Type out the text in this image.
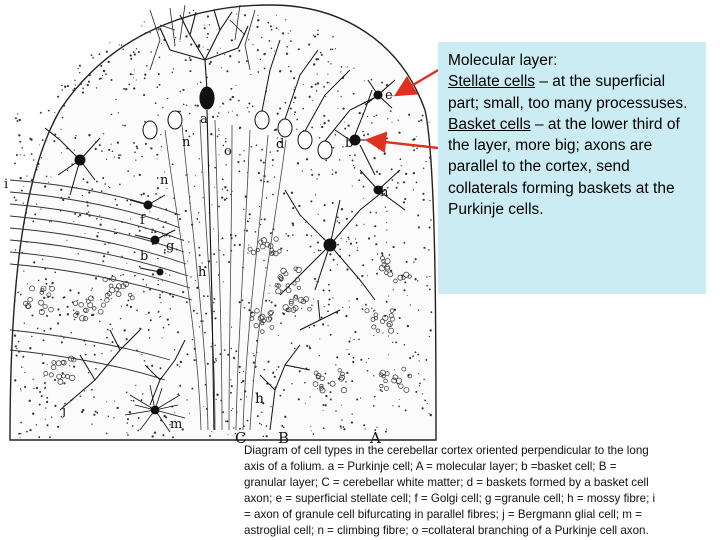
e
b
a
n
o	d
n
i
f
g
h
h
b
h
j
m
C B	A

Molecular layer:

Stellate cells – at the superficial part; small, too many processuses.

Basket cells – at the lower third of the layer, more big; axons are parallel to the cortex, send collaterals forming baskets at the Purkinje cells.

Diagram of cell types in the cerebellar cortex oriented perpendicular to the long
axis of a folium. a = Purkinje cell; A = molecular layer; b =basket cell; B =
granular layer; C = cerebellar white matter; d = baskets formed by a basket cell
axon; e = superficial stellate cell; f = Golgi cell; g =granule cell; h = mossy fibre; i
= axon of granule cell bifurcating in parallel fibres; j = Bergmann glial cell; m =
astroglial cell; n = climbing fibre; o =collateral branching of a Purkinje cell axon.
